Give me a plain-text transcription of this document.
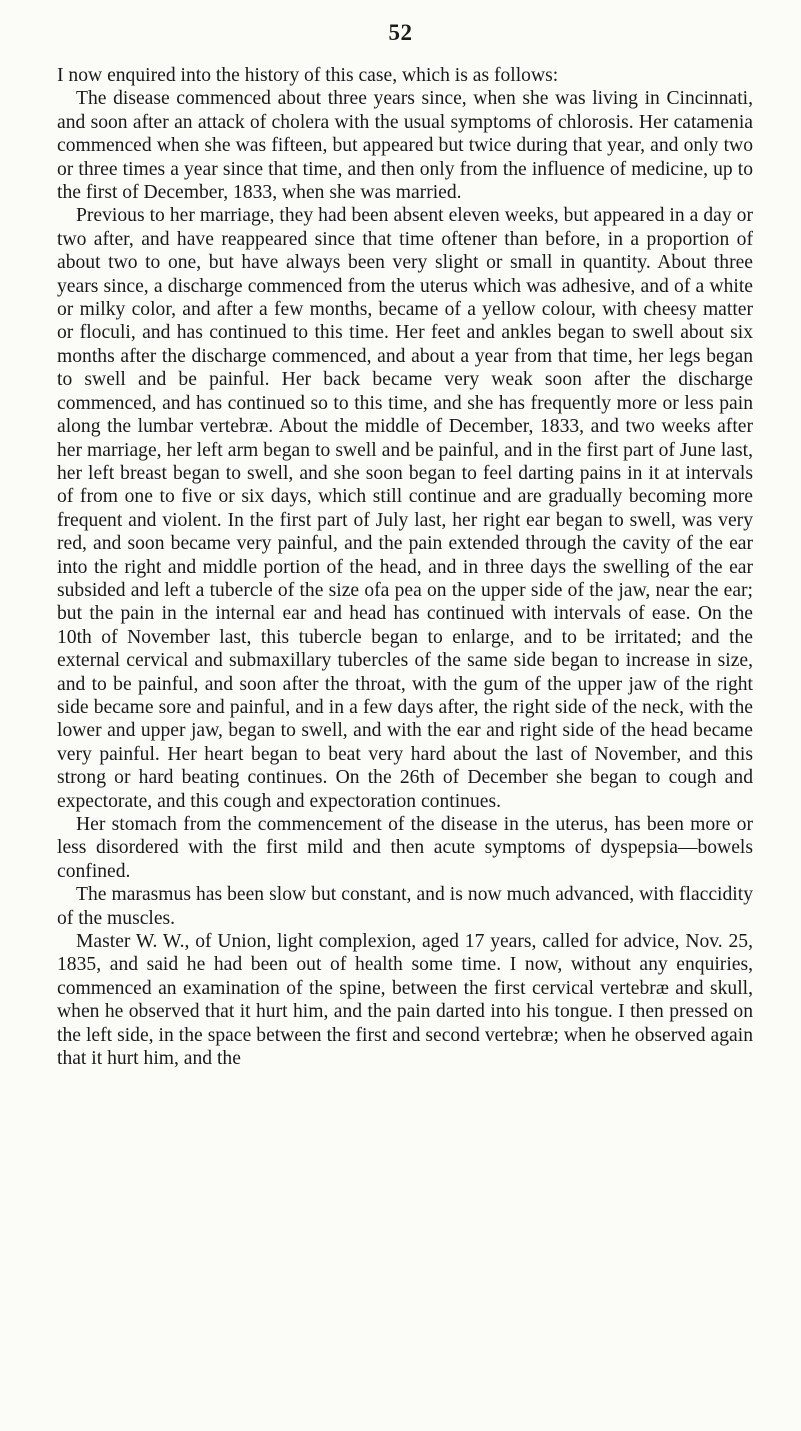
52

I now enquired into the history of this case, which is as follows:

The disease commenced about three years since, when she was living in Cincinnati, and soon after an attack of cholera with the usual symptoms of chlorosis. Her catamenia commenced when she was fifteen, but appeared but twice during that year, and only two or three times a year since that time, and then only from the influence of medicine, up to the first of December, 1833, when she was married.

Previous to her marriage, they had been absent eleven weeks, but appeared in a day or two after, and have reappeared since that time oftener than before, in a proportion of about two to one, but have always been very slight or small in quantity. About three years since, a discharge commenced from the uterus which was adhesive, and of a white or milky color, and after a few months, became of a yellow colour, with cheesy matter or floculi, and has continued to this time. Her feet and ankles began to swell about six months after the discharge commenced, and about a year from that time, her legs began to swell and be painful. Her back became very weak soon after the discharge commenced, and has continued so to this time, and she has frequently more or less pain along the lumbar vertebræ. About the middle of December, 1833, and two weeks after her marriage, her left arm began to swell and be painful, and in the first part of June last, her left breast began to swell, and she soon began to feel darting pains in it at intervals of from one to five or six days, which still continue and are gradually becoming more frequent and violent. In the first part of July last, her right ear began to swell, was very red, and soon became very painful, and the pain extended through the cavity of the ear into the right and middle portion of the head, and in three days the swelling of the ear subsided and left a tubercle of the size ofa pea on the upper side of the jaw, near the ear; but the pain in the internal ear and head has continued with intervals of ease. On the 10th of November last, this tubercle began to enlarge, and to be irritated; and the external cervical and submaxillary tubercles of the same side began to increase in size, and to be painful, and soon after the throat, with the gum of the upper jaw of the right side became sore and painful, and in a few days after, the right side of the neck, with the lower and upper jaw, began to swell, and with the ear and right side of the head became very painful. Her heart began to beat very hard about the last of November, and this strong or hard beating continues. On the 26th of December she began to cough and expectorate, and this cough and expectoration continues.

Her stomach from the commencement of the disease in the uterus, has been more or less disordered with the first mild and then acute symptoms of dyspepsia—bowels confined.

The marasmus has been slow but constant, and is now much advanced, with flaccidity of the muscles.

Master W. W., of Union, light complexion, aged 17 years, called for advice, Nov. 25, 1835, and said he had been out of health some time. I now, without any enquiries, commenced an examination of the spine, between the first cervical vertebræ and skull, when he observed that it hurt him, and the pain darted into his tongue. I then pressed on the left side, in the space between the first and second vertebræ; when he observed again that it hurt him, and the
